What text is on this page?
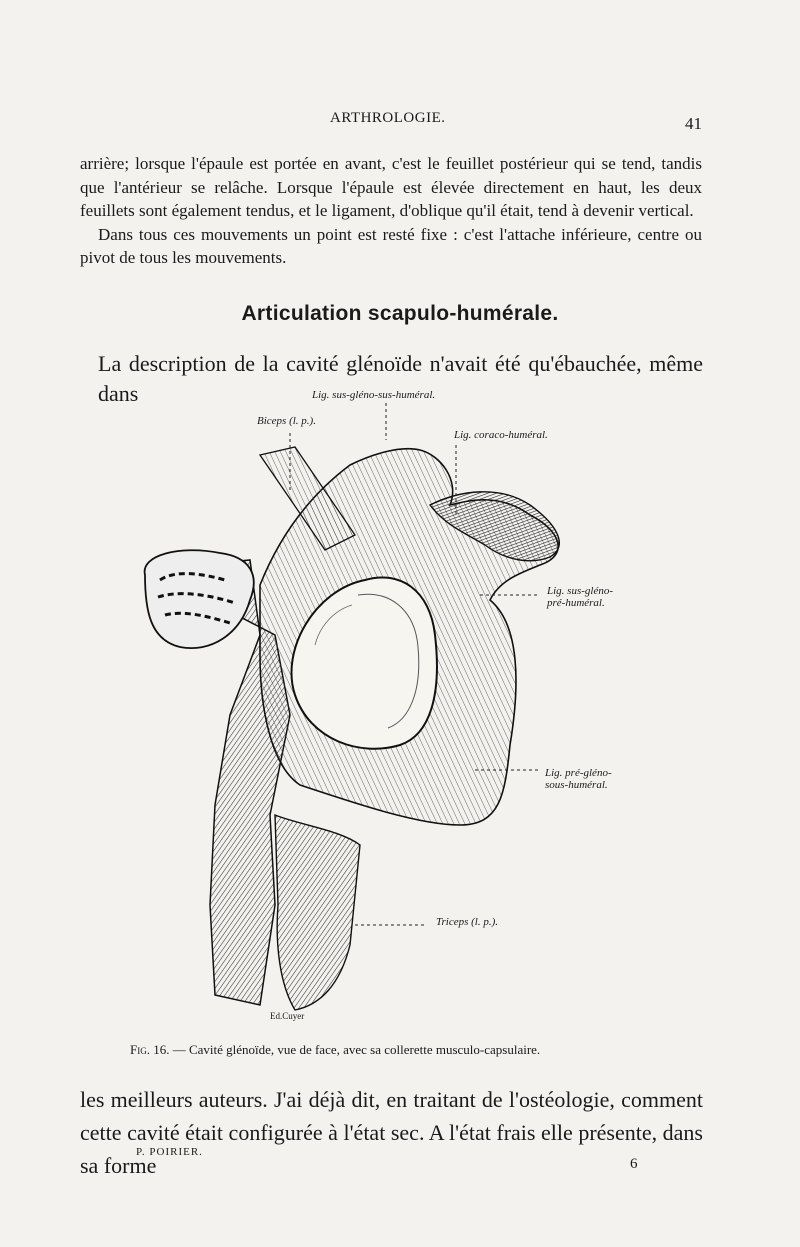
ARTHROLOGIE.	41

arrière; lorsque l'épaule est portée en avant, c'est le feuillet postérieur qui se tend, tandis que l'antérieur se relâche. Lorsque l'épaule est élevée directement en haut, les deux feuillets sont également tendus, et le ligament, d'oblique qu'il était, tend à devenir vertical.
Dans tous ces mouvements un point est resté fixe : c'est l'attache inférieure, centre ou pivot de tous les mouvements.

Articulation scapulo-humérale.

La description de la cavité glénoïde n'avait été qu'ébauchée, même dans	Lig. sus-gléno-sus-huméral.
Biceps (l. p.).
Lig. coraco-huméral.
Lig. sus-gléno-
pré-huméral.
Lig. pré-gléno-
sous-huméral.
Triceps (l. p.).
Ed.Cuyer
Fig. 16. — Cavité glénoïde, vue de face, avec sa collerette musculo-capsulaire.

les meilleurs auteurs. J'ai déjà dit, en traitant de l'ostéologie, comment cette cavité était configurée à l'état sec. A l'état frais elle présente, dans sa forme

P. POIRIER.
6
